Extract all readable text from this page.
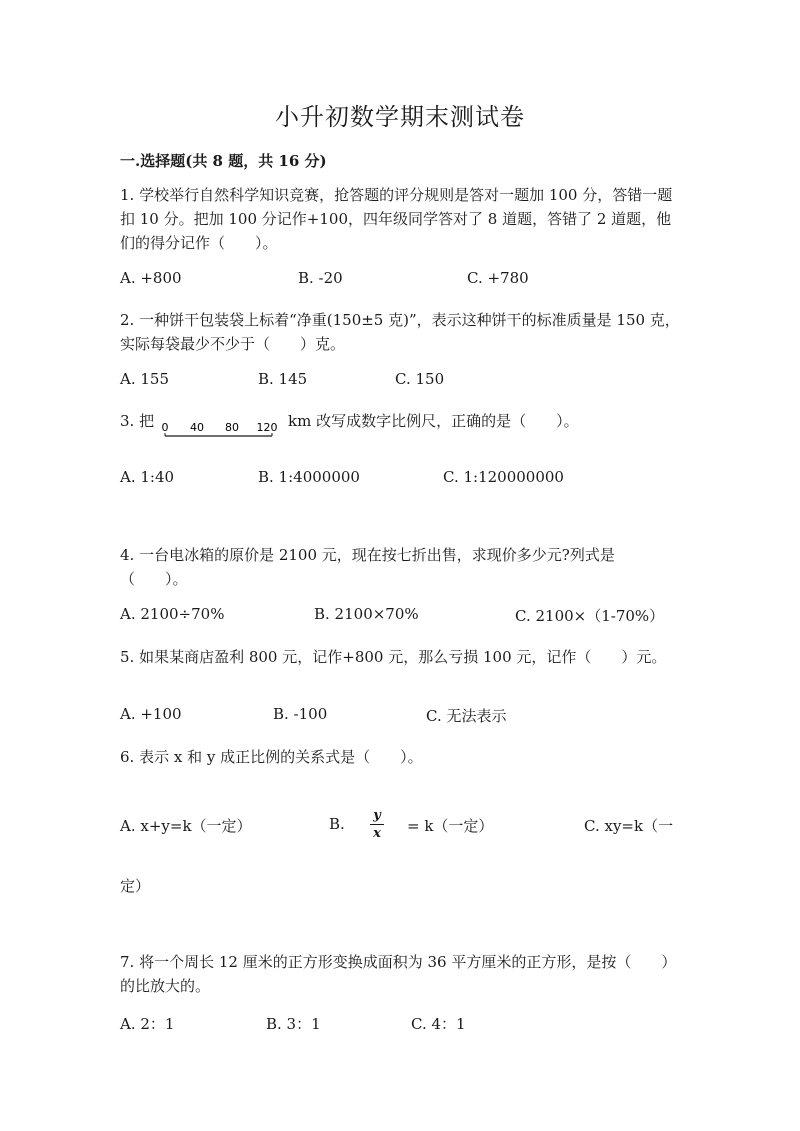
小升初数学期末测试卷
一.选择题(共 8 题，共 16 分)
1. 学校举行自然科学知识竞赛，抢答题的评分规则是答对一题加 100 分，答错一题扣 10 分。把加 100 分记作+100，四年级同学答对了 8 道题，答错了 2 道题，他们的得分记作（　　）。
A. +800	B. -20	C. +780
2. 一种饼干包装袋上标着“净重(150±5 克)”，表示这种饼干的标准质量是 150 克，实际每袋最少不少于（　　）克。
A. 155	B. 145	C. 150
3. 把 0 40 80 120 km 改写成数字比例尺，正确的是（　　）。
A. 1:40	B. 1:4000000	C. 1:120000000
4. 一台电冰箱的原价是 2100 元，现在按七折出售，求现价多少元?列式是（　　）。
A. 2100÷70%	B. 2100×70%	C. 2100×（1-70%）
5. 如果某商店盈利 800 元，记作+800 元，那么亏损 100 元，记作（　　）元。
A. +100	B. -100	C. 无法表示
6. 表示 x 和 y 成正比例的关系式是（　　）。
A. x+y=k（一定）	B.	y
x	= k（一定）	C. xy=k（一
定）
7. 将一个周长 12 厘米的正方形变换成面积为 36 平方厘米的正方形，是按（　　）的比放大的。
A. 2：1	B. 3：1	C. 4：1
